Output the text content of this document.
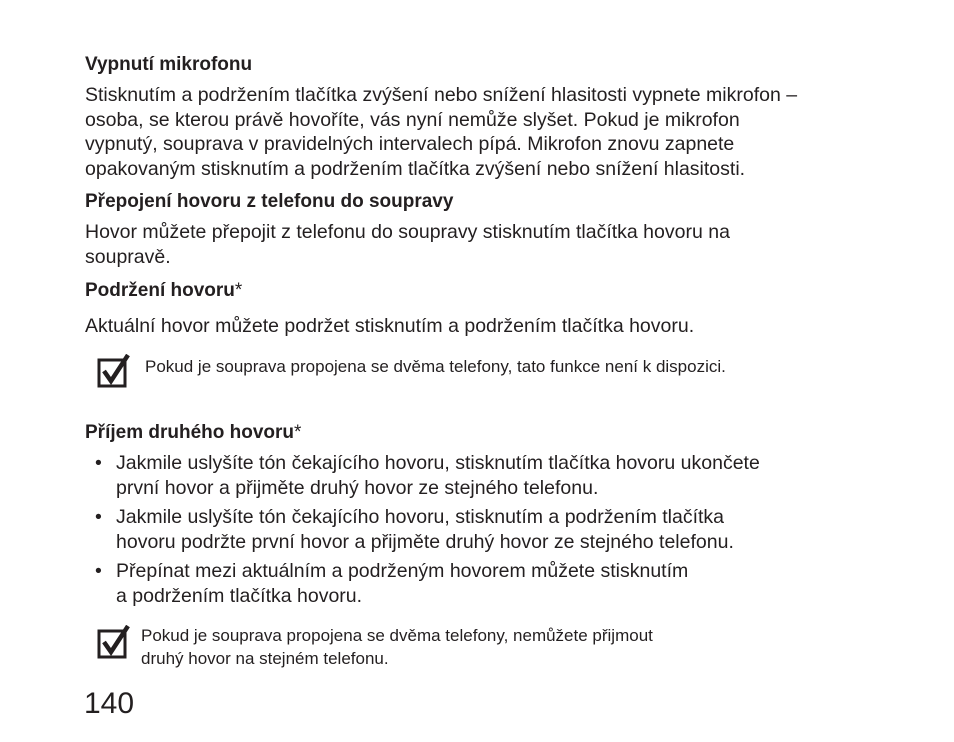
Vypnutí mikrofonu
Stisknutím a podržením tlačítka zvýšení nebo snížení hlasitosti vypnete mikrofon –
osoba, se kterou právě hovoříte, vás nyní nemůže slyšet. Pokud je mikrofon
vypnutý, souprava v pravidelných intervalech pípá. Mikrofon znovu zapnete
opakovaným stisknutím a podržením tlačítka zvýšení nebo snížení hlasitosti.
Přepojení hovoru z telefonu do soupravy
Hovor můžete přepojit z telefonu do soupravy stisknutím tlačítka hovoru na
soupravě.
Podržení hovoru*
Aktuální hovor můžete podržet stisknutím a podržením tlačítka hovoru.
Pokud je souprava propojena se dvěma telefony, tato funkce není k dispozici.
Příjem druhého hovoru*
• Jakmile uslyšíte tón čekajícího hovoru, stisknutím tlačítka hovoru ukončete
první hovor a přijměte druhý hovor ze stejného telefonu.
• Jakmile uslyšíte tón čekajícího hovoru, stisknutím a podržením tlačítka
hovoru podržte první hovor a přijměte druhý hovor ze stejného telefonu.
• Přepínat mezi aktuálním a podrženým hovorem můžete stisknutím
a podržením tlačítka hovoru.
Pokud je souprava propojena se dvěma telefony, nemůžete přijmout
druhý hovor na stejném telefonu.
140
